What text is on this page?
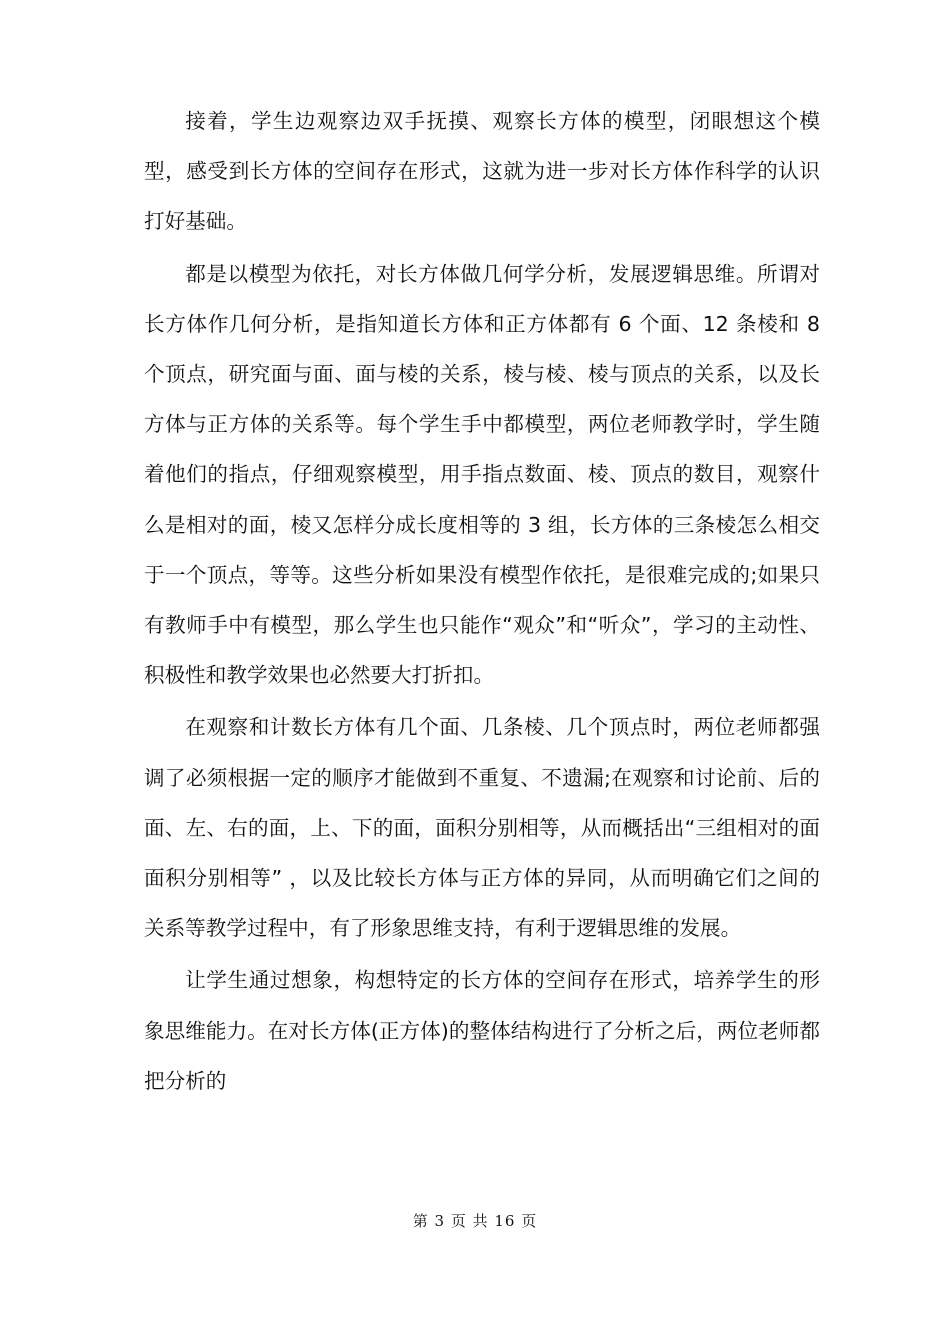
接着，学生边观察边双手抚摸、观察长方体的模型，闭眼想这个模型，感受到长方体的空间存在形式，这就为进一步对长方体作科学的认识打好基础。

都是以模型为依托，对长方体做几何学分析，发展逻辑思维。所谓对长方体作几何分析，是指知道长方体和正方体都有 6 个面、12 条棱和 8 个顶点，研究面与面、面与棱的关系，棱与棱、棱与顶点的关系，以及长方体与正方体的关系等。每个学生手中都模型，两位老师教学时，学生随着他们的指点，仔细观察模型，用手指点数面、棱、顶点的数目，观察什么是相对的面，棱又怎样分成长度相等的 3 组，长方体的三条棱怎么相交于一个顶点，等等。这些分析如果没有模型作依托，是很难完成的;如果只有教师手中有模型，那么学生也只能作“观众”和“听众”，学习的主动性、积极性和教学效果也必然要大打折扣。

在观察和计数长方体有几个面、几条棱、几个顶点时，两位老师都强调了必须根据一定的顺序才能做到不重复、不遗漏;在观察和讨论前、后的面、左、右的面，上、下的面，面积分别相等，从而概括出“三组相对的面面积分别相等” ，以及比较长方体与正方体的异同，从而明确它们之间的关系等教学过程中，有了形象思维支持，有利于逻辑思维的发展。

让学生通过想象，构想特定的长方体的空间存在形式，培养学生的形象思维能力。在对长方体(正方体)的整体结构进行了分析之后，两位老师都把分析的

第 3 页 共 16 页
